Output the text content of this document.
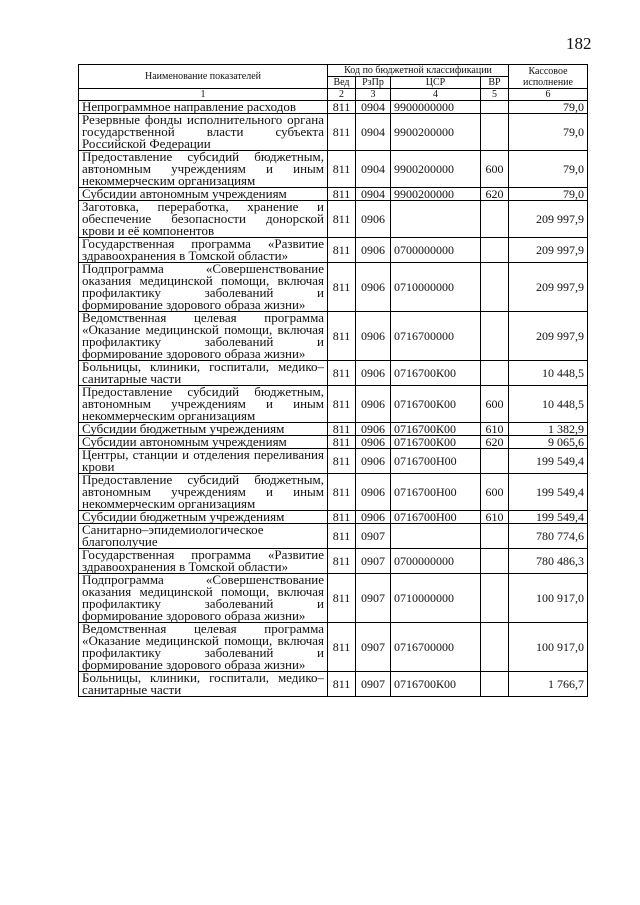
182
Наименование показателей	Код по бюджетной классификации				Кассовое исполнение
	Вед	РзПр	ЦСР	ВР	
1	2	3	4	5	6
Непрограммное направление расходов	811	0904	9900000000		79,0
Резервные фонды исполнительного органа государственной власти субъекта Российской Федерации	811	0904	9900200000		79,0
Предоставление субсидий бюджетным, автономным учреждениям и иным некоммерческим организациям	811	0904	9900200000	600	79,0
Субсидии автономным учреждениям	811	0904	9900200000	620	79,0
Заготовка, переработка, хранение и обеспечение безопасности донорской крови и её компонентов	811	0906			209 997,9
Государственная программа «Развитие здравоохранения в Томской области»	811	0906	0700000000		209 997,9
Подпрограмма «Совершенствование оказания медицинской помощи, включая профилактику заболеваний и формирование здорового образа жизни»	811	0906	0710000000		209 997,9
Ведомственная целевая программа «Оказание медицинской помощи, включая профилактику заболеваний и формирование здорового образа жизни»	811	0906	0716700000		209 997,9
Больницы, клиники, госпитали, медико–санитарные части	811	0906	0716700К00		10 448,5
Предоставление субсидий бюджетным, автономным учреждениям и иным некоммерческим организациям	811	0906	0716700К00	600	10 448,5
Субсидии бюджетным учреждениям	811	0906	0716700К00	610	1 382,9
Субсидии автономным учреждениям	811	0906	0716700К00	620	9 065,6
Центры, станции и отделения переливания крови	811	0906	0716700Н00		199 549,4
Предоставление субсидий бюджетным, автономным учреждениям и иным некоммерческим организациям	811	0906	0716700Н00	600	199 549,4
Субсидии бюджетным учреждениям	811	0906	0716700Н00	610	199 549,4
Санитарно–эпидемиологическое благополучие	811	0907			780 774,6
Государственная программа «Развитие здравоохранения в Томской области»	811	0907	0700000000		780 486,3
Подпрограмма «Совершенствование оказания медицинской помощи, включая профилактику заболеваний и формирование здорового образа жизни»	811	0907	0710000000		100 917,0
Ведомственная целевая программа «Оказание медицинской помощи, включая профилактику заболеваний и формирование здорового образа жизни»	811	0907	0716700000		100 917,0
Больницы, клиники, госпитали, медико–санитарные части	811	0907	0716700К00		1 766,7
